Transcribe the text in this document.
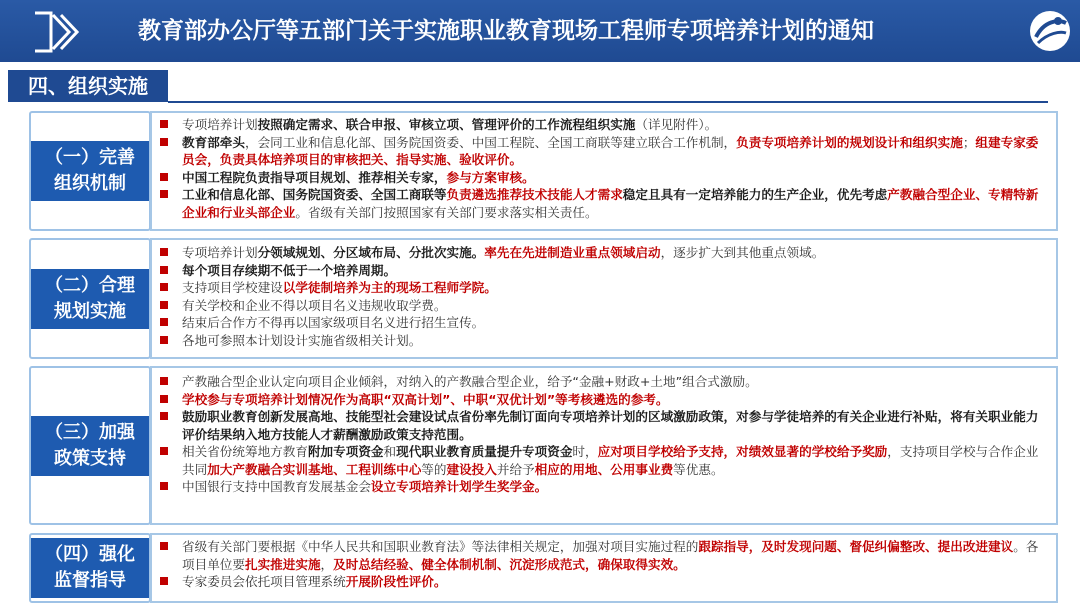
教育部办公厅等五部门关于实施职业教育现场工程师专项培养计划的通知
四、组织实施
（一）完善组织机制
专项培养计划按照确定需求、联合申报、审核立项、管理评价的工作流程组织实施（详见附件）。
教育部牵头，会同工业和信息化部、国务院国资委、中国工程院、全国工商联等建立联合工作机制，负责专项培养计划的规划设计和组织实施；组建专家委员会，负责具体培养项目的审核把关、指导实施、验收评价。
中国工程院负责指导项目规划、推荐相关专家，参与方案审核。
工业和信息化部、国务院国资委、全国工商联等负责遴选推荐技术技能人才需求稳定且具有一定培养能力的生产企业，优先考虑产教融合型企业、专精特新企业和行业头部企业。省级有关部门按照国家有关部门要求落实相关责任。
（二）合理规划实施
专项培养计划分领域规划、分区域布局、分批次实施。率先在先进制造业重点领域启动，逐步扩大到其他重点领域。
每个项目存续期不低于一个培养周期。
支持项目学校建设以学徒制培养为主的现场工程师学院。
有关学校和企业不得以项目名义违规收取学费。
结束后合作方不得再以国家级项目名义进行招生宣传。
各地可参照本计划设计实施省级相关计划。
（三）加强政策支持
产教融合型企业认定向项目企业倾斜，对纳入的产教融合型企业，给予“金融+财政+土地”组合式激励。
学校参与专项培养计划情况作为高职“双高计划”、中职“双优计划”等考核遴选的参考。
鼓励职业教育创新发展高地、技能型社会建设试点省份率先制订面向专项培养计划的区域激励政策，对参与学徒培养的有关企业进行补贴，将有关职业能力评价结果纳入地方技能人才薪酬激励政策支持范围。
相关省份统筹地方教育附加专项资金和现代职业教育质量提升专项资金时，应对项目学校给予支持，对绩效显著的学校给予奖励，支持项目学校与合作企业共同加大产教融合实训基地、工程训练中心等的建设投入并给予相应的用地、公用事业费等优惠。
中国银行支持中国教育发展基金会设立专项培养计划学生奖学金。
（四）强化监督指导
省级有关部门要根据《中华人民共和国职业教育法》等法律相关规定，加强对项目实施过程的跟踪指导，及时发现问题、督促纠偏整改、提出改进建议。各项目单位要扎实推进实施，及时总结经验、健全体制机制、沉淀形成范式，确保取得实效。
专家委员会依托项目管理系统开展阶段性评价。
